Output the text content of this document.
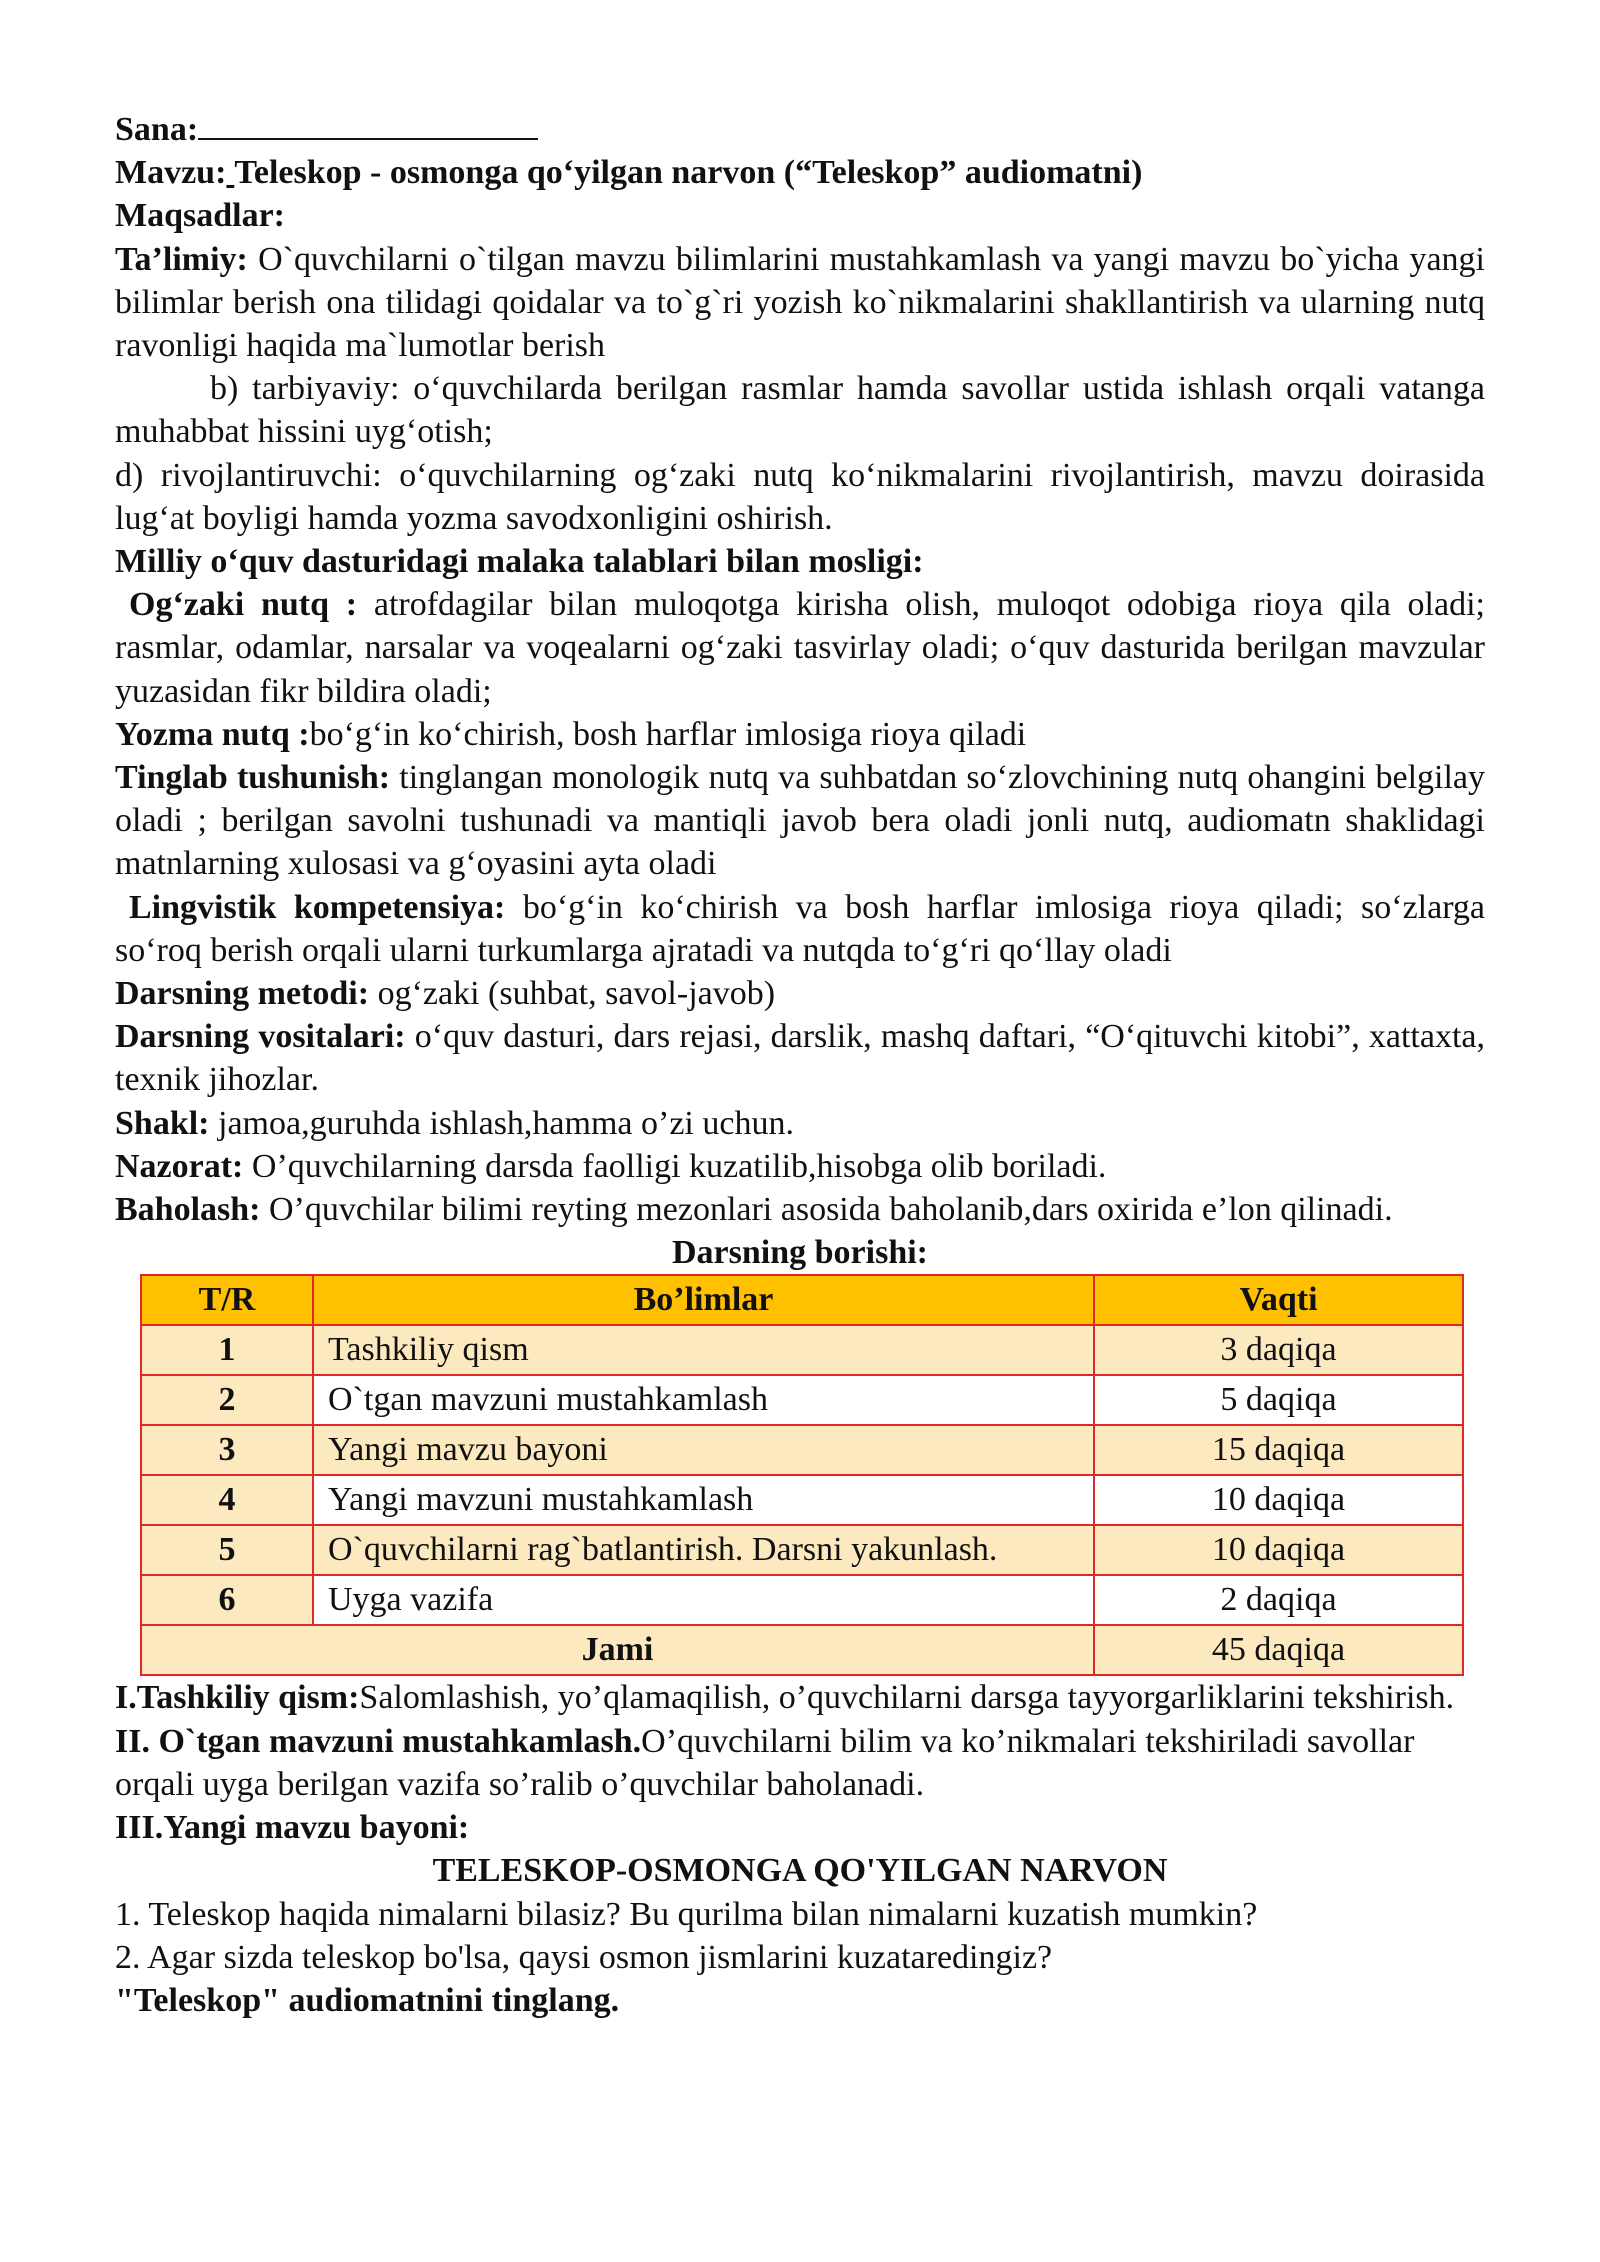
Sana:

Mavzu: Teleskop - osmonga qo‘yilgan narvon (“Teleskop” audiomatni)

Maqsadlar:

Ta’limiy: O`quvchilarni o`tilgan mavzu bilimlarini mustahkamlash va yangi mavzu bo`yicha yangi bilimlar berish ona tilidagi qoidalar va to`g`ri yozish ko`nikmalarini shakllantirish va ularning nutq ravonligi haqida ma`lumotlar berish

b) tarbiyaviy: o‘quvchilarda berilgan rasmlar hamda savollar ustida ishlash orqali vatanga muhabbat hissini uyg‘otish;

d) rivojlantiruvchi: o‘quvchilarning og‘zaki nutq ko‘nikmalarini rivojlantirish, mavzu doirasida lug‘at boyligi hamda yozma savodxonligini oshirish.

Milliy o‘quv dasturidagi malaka talablari bilan mosligi:

Og‘zaki nutq : atrofdagilar bilan muloqotga kirisha olish, muloqot odobiga rioya qila oladi; rasmlar, odamlar, narsalar va voqealarni og‘zaki tasvirlay oladi; o‘quv dasturida berilgan mavzular yuzasidan fikr bildira oladi;

Yozma nutq :bo‘g‘in ko‘chirish, bosh harflar imlosiga rioya qiladi

Tinglab tushunish: tinglangan monologik nutq va suhbatdan so‘zlovchining nutq ohangini belgilay oladi ; berilgan savolni tushunadi va mantiqli javob bera oladi jonli nutq, audiomatn shaklidagi matnlarning xulosasi va g‘oyasini ayta oladi

Lingvistik kompetensiya: bo‘g‘in ko‘chirish va bosh harflar imlosiga rioya qiladi; so‘zlarga so‘roq berish orqali ularni turkumlarga ajratadi va nutqda to‘g‘ri qo‘llay oladi

Darsning metodi: og‘zaki (suhbat, savol-javob)

Darsning vositalari: o‘quv dasturi, dars rejasi, darslik, mashq daftari, “O‘qituvchi kitobi”, xattaxta, texnik jihozlar.

Shakl: jamoa,guruhda ishlash,hamma o’zi uchun.

Nazorat: O’quvchilarning darsda faolligi kuzatilib,hisobga olib boriladi.

Baholash: O’quvchilar bilimi reyting mezonlari asosida baholanib,dars oxirida e’lon qilinadi.

Darsning borishi:

T/R	Bo’limlar	Vaqti
1	Tashkiliy qism	3 daqiqa
2	O`tgan mavzuni mustahkamlash	5 daqiqa
3	Yangi mavzu bayoni	15 daqiqa
4	Yangi mavzuni mustahkamlash	10 daqiqa
5	O`quvchilarni rag`batlantirish. Darsni yakunlash.	10 daqiqa
6	Uyga vazifa	2 daqiqa
Jami		45 daqiqa

I.Tashkiliy qism:Salomlashish, yo’qlamaqilish, o’quvchilarni darsga tayyorgarliklarini tekshirish.

II. O`tgan mavzuni mustahkamlash.O’quvchilarni bilim va ko’nikmalari tekshiriladi savollar orqali uyga berilgan vazifa so’ralib o’quvchilar baholanadi.

III.Yangi mavzu bayoni:

TELESKOP-OSMONGA QO'YILGAN NARVON

1. Teleskop haqida nimalarni bilasiz? Bu qurilma bilan nimalarni kuzatish mumkin?

2. Agar sizda teleskop bo'lsa, qaysi osmon jismlarini kuzataredingiz?

"Teleskop" audiomatnini tinglang.
